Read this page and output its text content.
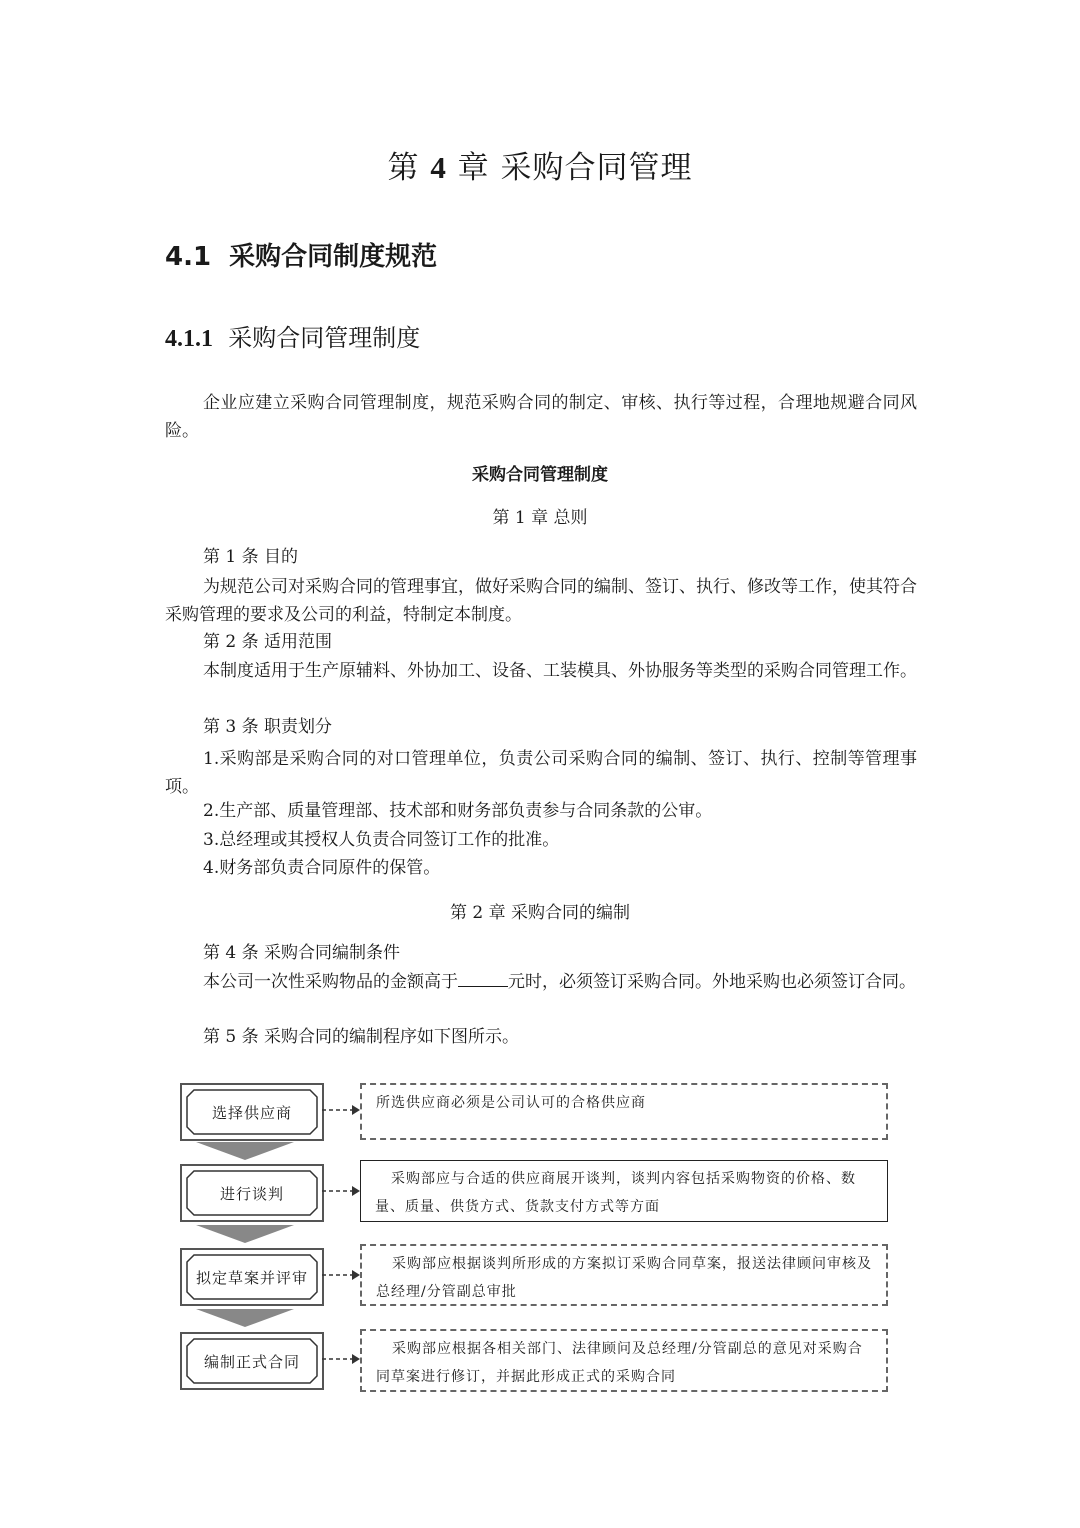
第 4 章 采购合同管理
4.1 采购合同制度规范
4.1.1 采购合同管理制度
企业应建立采购合同管理制度，规范采购合同的制定、审核、执行等过程，合理地规避合同风险。
采购合同管理制度
第 1 章 总则
第 1 条 目的
为规范公司对采购合同的管理事宜，做好采购合同的编制、签订、执行、修改等工作，使其符合采购管理的要求及公司的利益，特制定本制度。
第 2 条 适用范围
本制度适用于生产原辅料、外协加工、设备、工装模具、外协服务等类型的采购合同管理工作。
第 3 条 职责划分
1.采购部是采购合同的对口管理单位，负责公司采购合同的编制、签订、执行、控制等管理事项。
2.生产部、质量管理部、技术部和财务部负责参与合同条款的公审。
3.总经理或其授权人负责合同签订工作的批准。
4.财务部负责合同原件的保管。
第 2 章 采购合同的编制
第 4 条 采购合同编制条件
本公司一次性采购物品的金额高于	元时，必须签订采购合同。外地采购也必须签订合同。
第 5 条 采购合同的编制程序如下图所示。
选择供应商
所选供应商必须是公司认可的合格供应商
进行谈判
采购部应与合适的供应商展开谈判，谈判内容包括采购物资的价格、数量、质量、供货方式、货款支付方式等方面
拟定草案并评审
采购部应根据谈判所形成的方案拟订采购合同草案，报送法律顾问审核及总经理/分管副总审批
编制正式合同
采购部应根据各相关部门、法律顾问及总经理/分管副总的意见对采购合同草案进行修订，并据此形成正式的采购合同
